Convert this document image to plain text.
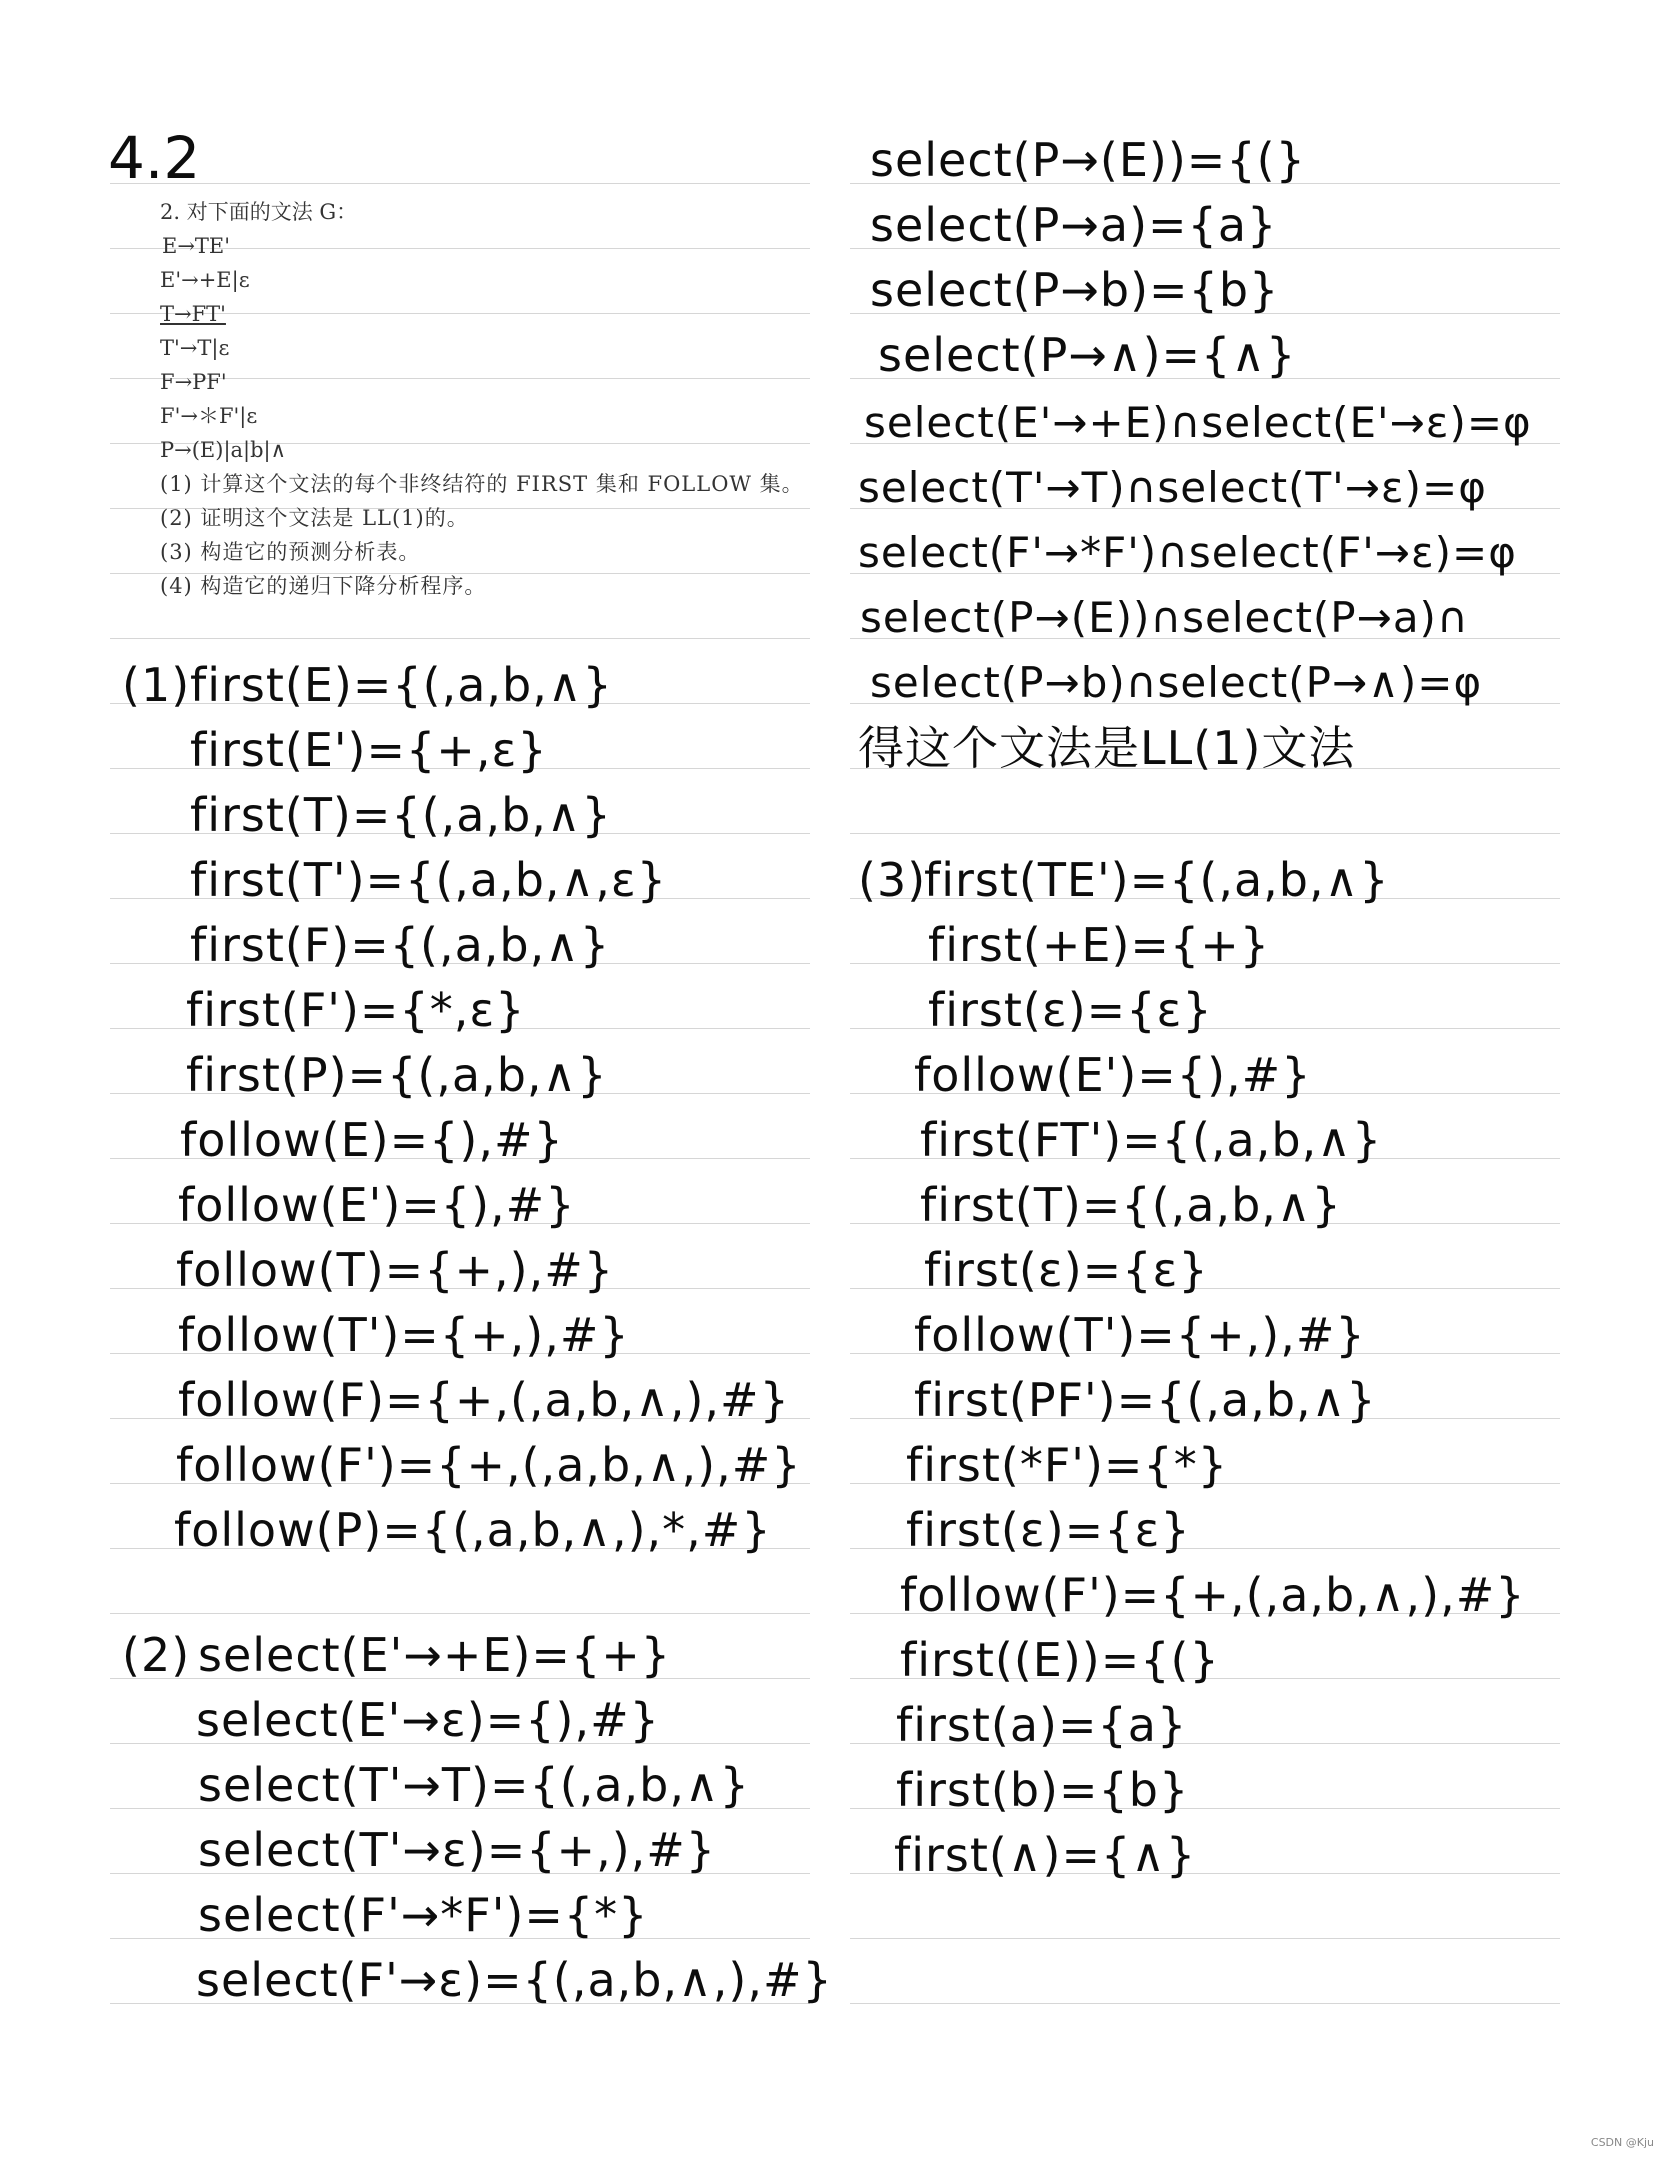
4.2
2. 对下面的文法 G：
E→TE'
E'→+E|ε
T→FT'
T'→T|ε
F→PF'
F'→＊F'|ε
P→(E)|a|b|∧
(1) 计算这个文法的每个非终结符的 FIRST 集和 FOLLOW 集。
(2) 证明这个文法是 LL(1)的。
(3) 构造它的预测分析表。
(4) 构造它的递归下降分析程序。
(1) first(E)={(,a,b,∧}
first(E')={+,ε}
first(T)={(,a,b,∧}
first(T')={(,a,b,∧,ε}
first(F)={(,a,b,∧}
first(F')={*,ε}
first(P)={(,a,b,∧}
follow(E)={),#}
follow(E')={),#}
follow(T)={+,),#}
follow(T')={+,),#}
follow(F)={+,(,a,b,∧,),#}
follow(F')={+,(,a,b,∧,),#}
follow(P)={(,a,b,∧,),*,#}
(2) select(E'→+E)={+}
select(E'→ε)={),#}
select(T'→T)={(,a,b,∧}
select(T'→ε)={+,),#}
select(F'→*F')={*}
select(F'→ε)={(,a,b,∧,),#}
select(P→(E))={(}
select(P→a)={a}
select(P→b)={b}
select(P→∧)={∧}
select(E'→+E)∩select(E'→ε)=φ
select(T'→T)∩select(T'→ε)=φ
select(F'→*F')∩select(F'→ε)=φ
select(P→(E))∩select(P→a)∩
select(P→b)∩select(P→∧)=φ
得这个文法是LL(1)文法
(3)
first(TE')={(,a,b,∧}
first(+E)={+}
first(ε)={ε}
follow(E')={),#}
first(FT')={(,a,b,∧}
first(T)={(,a,b,∧}
first(ε)={ε}
follow(T')={+,),#}
first(PF')={(,a,b,∧}
first(*F')={*}
first(ε)={ε}
follow(F')={+,(,a,b,∧,),#}
first((E))={(}
first(a)={a}
first(b)={b}
first(∧)={∧}
CSDN @Kju
